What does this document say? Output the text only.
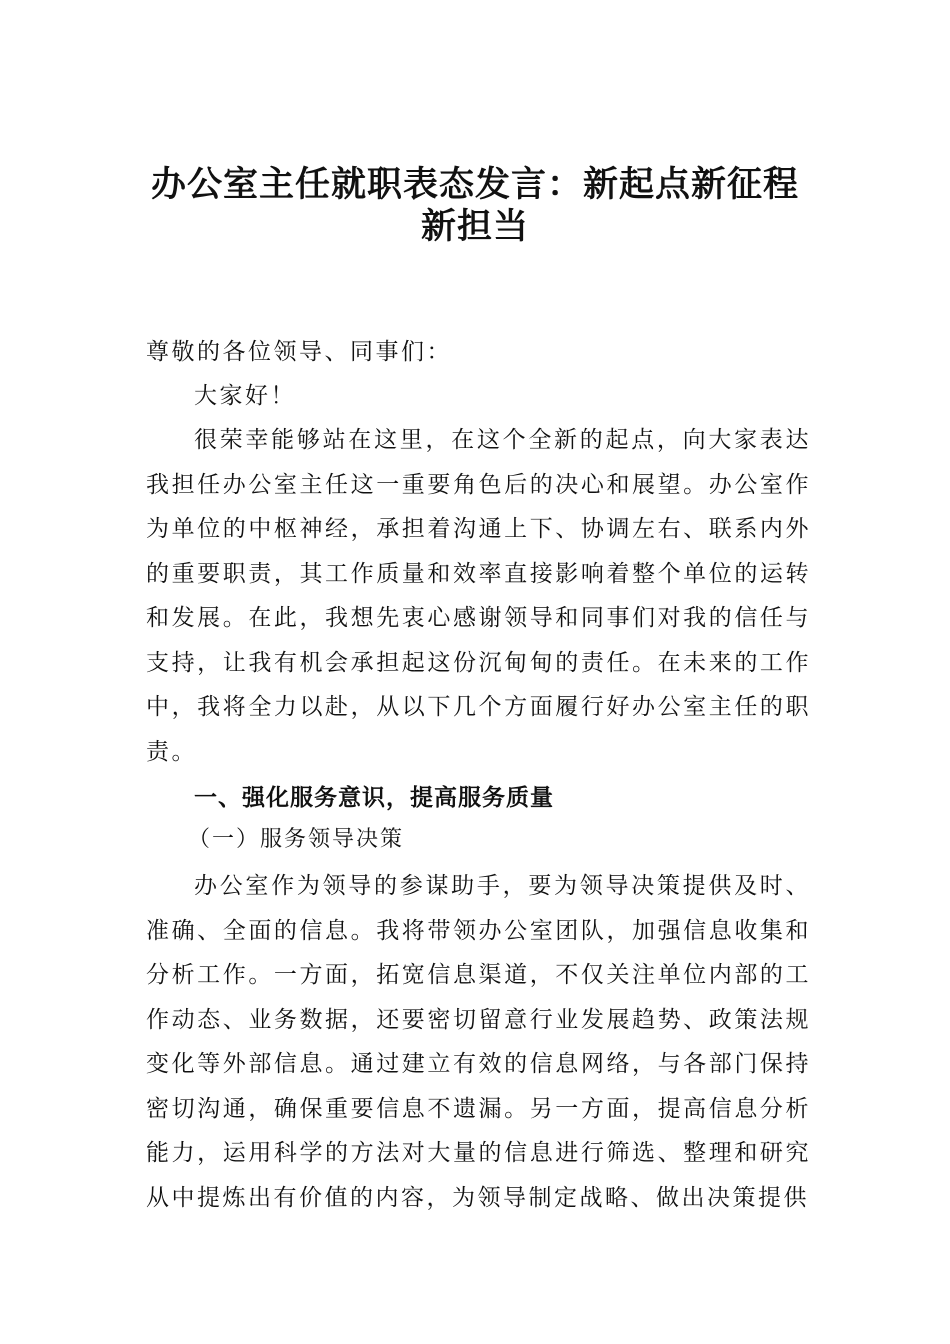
办公室主任就职表态发言：新起点新征程
新担当
尊敬的各位领导、同事们：
大家好！
很荣幸能够站在这里，在这个全新的起点，向大家表达我担任办公室主任这一重要角色后的决心和展望。办公室作为单位的中枢神经，承担着沟通上下、协调左右、联系内外的重要职责，其工作质量和效率直接影响着整个单位的运转和发展。在此，我想先衷心感谢领导和同事们对我的信任与支持，让我有机会承担起这份沉甸甸的责任。在未来的工作中，我将全力以赴，从以下几个方面履行好办公室主任的职责。
一、强化服务意识，提高服务质量
（一）服务领导决策
办公室作为领导的参谋助手，要为领导决策提供及时、准确、全面的信息。我将带领办公室团队，加强信息收集和分析工作。一方面，拓宽信息渠道，不仅关注单位内部的工作动态、业务数据，还要密切留意行业发展趋势、政策法规变化等外部信息。通过建立有效的信息网络，与各部门保持密切沟通，确保重要信息不遗漏。另一方面，提高信息分析能力，运用科学的方法对大量的信息进行筛选、整理和研究从中提炼出有价值的内容，为领导制定战略、做出决策提供
